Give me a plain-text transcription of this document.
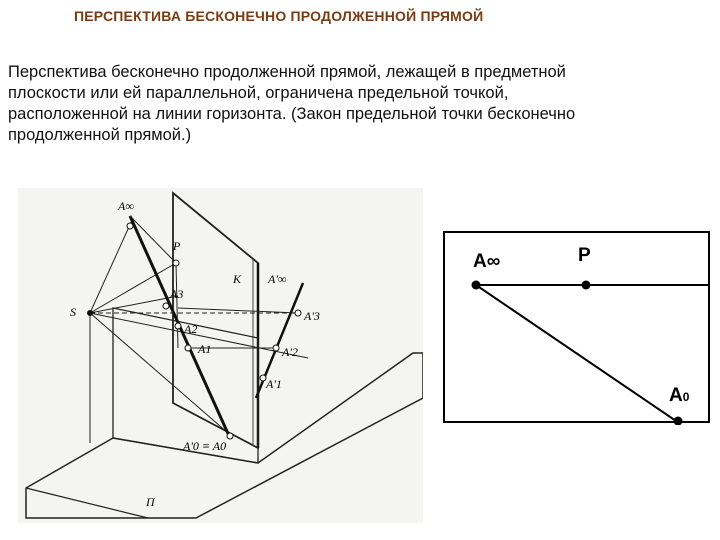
ПЕРСПЕКТИВА БЕСКОНЕЧНО ПРОДОЛЖЕННОЙ ПРЯМОЙ
Перспектива бесконечно продолженной прямой, лежащей в предметной
плоскости или ей параллельной, ограничена предельной точкой,
расположенной на линии горизонта. (Закон предельной точки бесконечно
продолженной прямой.)
A∞
P
S
K
A3
A2
A1
A'0 ≡ A0
A'∞
A'3
A'2
A'1
П
A∞	P
A0
